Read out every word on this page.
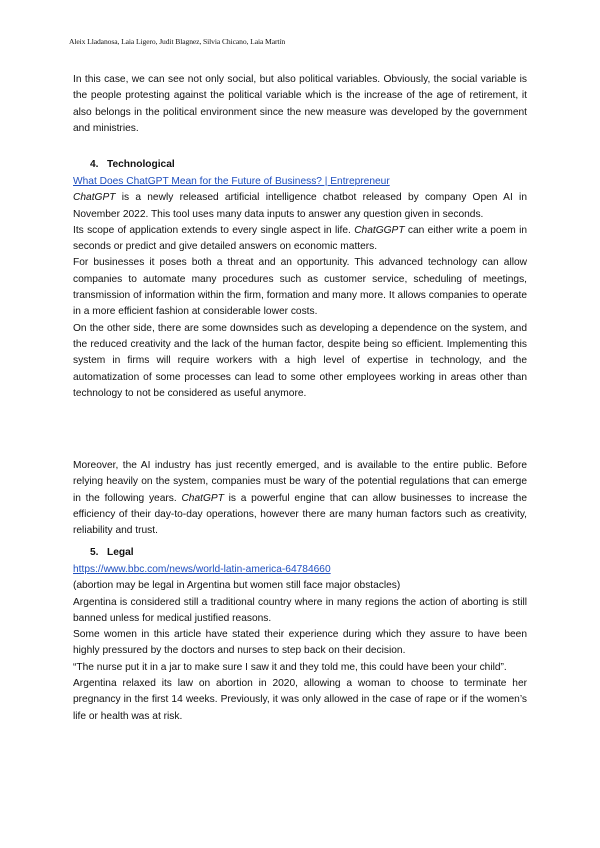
Aleix Lladanosa, Laia Ligero, Judit Blagnez, Silvia Chicano, Laia Martín

In this case, we can see not only social, but also political variables. Obviously, the social variable is the people protesting against the political variable which is the increase of the age of retirement, it also belongs in the political environment since the new measure was developed by the government and ministries.

4.   Technological

What Does ChatGPT Mean for the Future of Business? | Entrepreneur

ChatGPT is a newly released artificial intelligence chatbot released by company Open AI in November 2022. This tool uses many data inputs to answer any question given in seconds.

Its scope of application extends to every single aspect in life. ChatGGPT can either write a poem in seconds or predict and give detailed answers on economic matters.

For businesses it poses both a threat and an opportunity. This advanced technology can allow companies to automate many procedures such as customer service, scheduling of meetings, transmission of information within the firm, formation and many more. It allows companies to operate in a more efficient fashion at considerable lower costs.

On the other side, there are some downsides such as developing a dependence on the system, and the reduced creativity and the lack of the human factor, despite being so efficient. Implementing this system in firms will require workers with a high level of expertise in technology, and the automatization of some processes can lead to some other employees working in areas other than technology to not be considered as useful anymore.

Moreover, the AI industry has just recently emerged, and is available to the entire public. Before relying heavily on the system, companies must be wary of the potential regulations that can emerge in the following years. ChatGPT is a powerful engine that can allow businesses to increase the efficiency of their day-to-day operations, however there are many human factors such as creativity, reliability and trust.

5.   Legal

https://www.bbc.com/news/world-latin-america-64784660

(abortion may be legal in Argentina but women still face major obstacles)

Argentina is considered still a traditional country where in many regions the action of aborting is still banned unless for medical justified reasons.

Some women in this article have stated their experience during which they assure to have been highly pressured by the doctors and nurses to step back on their decision.

“The nurse put it in a jar to make sure I saw it and they told me, this could have been your child”.

Argentina relaxed its law on abortion in 2020, allowing a woman to choose to terminate her pregnancy in the first 14 weeks. Previously, it was only allowed in the case of rape or if the women’s life or health was at risk.
